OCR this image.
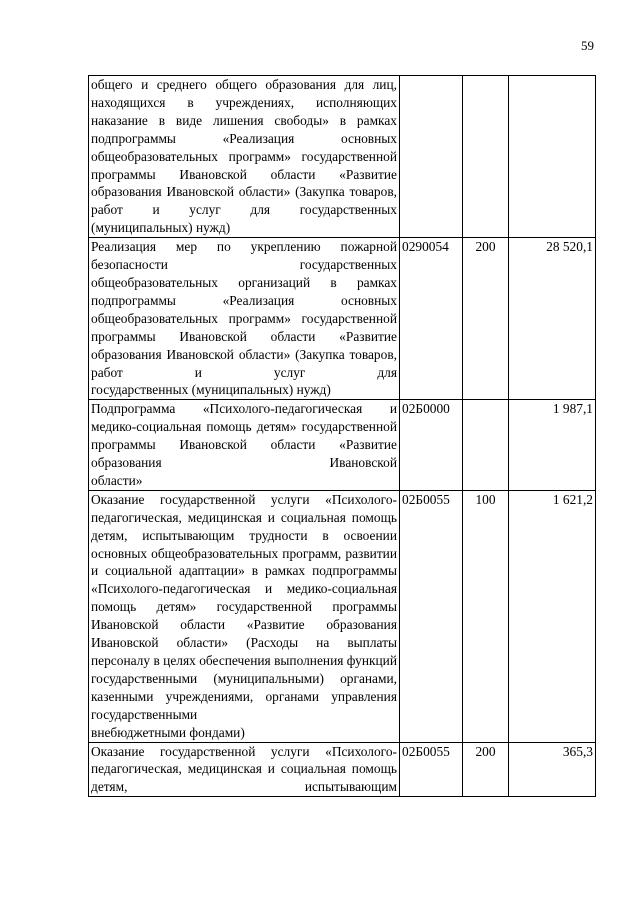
59
общего и среднего общего образования для лиц, находящихся в учреждениях, исполняющих наказание в виде лишения свободы» в рамках подпрограммы «Реализация основных общеобразовательных программ» государственной программы Ивановской области «Развитие образования Ивановской области» (Закупка товаров, работ и услуг для государственных
(муниципальных) нужд)			

Реализация мер по укреплению пожарной безопасности государственных общеобразовательных организаций в рамках подпрограммы «Реализация основных общеобразовательных программ» государственной программы Ивановской области «Развитие образования Ивановской области» (Закупка товаров, работ и услуг для
государственных (муниципальных) нужд)	0290054	200	28 520,1
Подпрограмма «Психолого-педагогическая и медико-социальная помощь детям» государственной программы Ивановской области «Развитие образования Ивановской
области»	02Б0000		1 987,1
Оказание государственной услуги «Психолого-педагогическая, медицинская и социальная помощь детям, испытывающим трудности в освоении основных общеобразовательных программ, развитии и социальной адаптации» в рамках подпрограммы «Психолого-педагогическая и медико-социальная помощь детям» государственной программы Ивановской области «Развитие образования Ивановской области» (Расходы на выплаты персоналу в целях обеспечения выполнения функций государственными (муниципальными) органами, казенными учреждениями, органами управления государственными
внебюджетными фондами)	02Б0055	100	1 621,2
Оказание государственной услуги «Психолого-педагогическая, медицинская и социальная помощь детям, испытывающим	02Б0055	200	365,3
